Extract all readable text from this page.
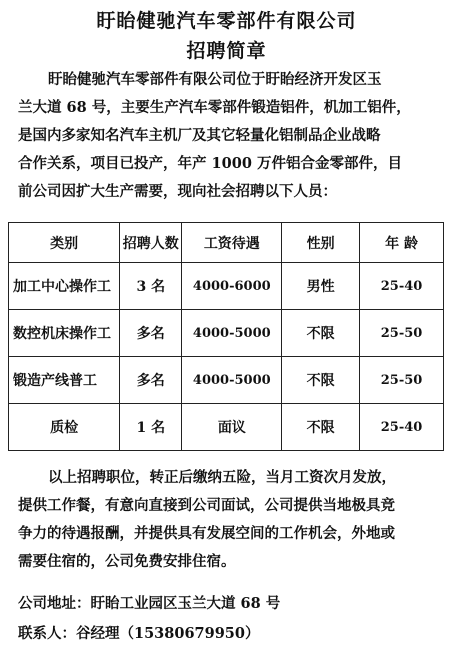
盱眙健驰汽车零部件有限公司
招聘简章

盱眙健驰汽车零部件有限公司位于盱眙经济开发区玉
兰大道 68 号，主要生产汽车零部件锻造铝件，机加工铝件，
是国内多家知名汽车主机厂及其它轻量化铝制品企业战略
合作关系，项目已投产，年产 1000 万件铝合金零部件，目
前公司因扩大生产需要，现向社会招聘以下人员：

类别	招聘人数	工资待遇	性别	年 龄
加工中心操作工	3 名	4000-6000	男性	25-40
数控机床操作工	多名	4000-5000	不限	25-50
锻造产线普工	多名	4000-5000	不限	25-50
质检	1 名	面议	不限	25-40

以上招聘职位，转正后缴纳五险，当月工资次月发放，
提供工作餐，有意向直接到公司面试，公司提供当地极具竞
争力的待遇报酬，并提供具有发展空间的工作机会，外地或
需要住宿的，公司免费安排住宿。

公司地址：盱眙工业园区玉兰大道 68 号
联系人：谷经理（15380679950）
